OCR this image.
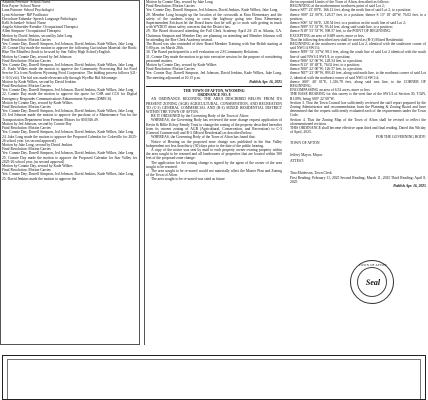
Amanda Peterson- School Nurse

Erin Payne- School Nurse

Lana Putnam- School Psychologist

Lynn Schreiner- RtP Facilitator

Dorochare Eubanks- Speech Language Pathologist

Kelli Schenkel- School Nurse

Angela Schneider-Erendin- Occupational Therapist

Allen Simpson- Occupational Therapist

Motion by David Jenkins, second by Jake Long

Final Resolution: Motion Carries

Yes: Connie Day, Darrell Simpson, Jed Johnson, David Jenkins, Kade Wilkes, Jake Long

20. Connie Day made the motion to approve the following Curriculum Material: the Book: Blue The Mindfest (book to be used by Star Valley High School) English.

Motion by Connie Day, second by Jed Johnson

Final Resolution: Motion Carries

Yes: Connie Day, Darrell Simpson, Jed Johnson, David Jenkins, Kade Wilkes, Jake Long

21. Kade Wilkes made the motion to approve the Community Processing Bid for Food Service ICs from Northern Wyoming Food Cooperative. The bidding process follows §21-3-110 (viii). The bid was made electronically through WyoBiz Bid Advantage.

Motion by Kade Wilkes, second by David Jenkins

Final Resolution: Motion Carries

Yes: Connie Day, Darrell Simpson, Jed Johnson, David Jenkins, Kade Wilkes, Jake Long

22. Connie Day made the motion to approve the quote for CSB and CCS for Digital Emergency Responder Communications Enhancement Systems (DRECS).

Motion by Connie Day, second by Kade Wilkes

Final Resolution: Motion Carries

Yes: Connie Day, Darrell Simpson, Jed Johnson, David Jenkins, Kade Wilkes, Jake Long

23. Jed Johnson made the motion to approve the purchase of a Maintenance Van for the Transportation Department from Fremont Motors for $50,926.49.

Motion by Jed Johnson, second by Connie Day

Final Resolution: Motion Carries

Yes: Connie Day, Darrell Simpson, Jed Johnson, David Jenkins, Kade Wilkes, Jake Long

24. Jake Long made the motion to approve the Proposed Calendar for Cokeville for 2025-26 school year. (as second approval)

Motion by Jake Long, second by David Jenkins

Final Resolution: Motion Carries

Yes: Connie Day, Darrell Simpson, Jed Johnson, David Jenkins, Kade Wilkes, Jake Long

25. Connie Day made the motion to approve the Proposed Calendar for Star Valley for 2025-26 school year. (as second approval)

Motion by Connie Day, second by Kade Wilkes

Final Resolution: Motion Carries

Yes: Connie Day, Darrell Simpson, Jed Johnson, David Jenkins, Kade Wilkes, Jake Long

25. David Jenkins made the motion to approve the

Motion by Connie Day, second by Jake Long

Final Resolution: Motion Carries

Yes: Connie Day, Darrell Simpson, Jed Johnson, David Jenkins, Kade Wilkes, Jake Long

28. Member Long brought up the location of the crosswalk at Etna Elementary and the safety of the students trying to cross the highway going into Etna Elementary. Superintendent Erickson let the Board know that he will go to work with getting in touch with WYDOT about safety concerns that the District has.

29. The Board discussed attending the Fall Clerk Academy April 24- 25 in Atlanta, GA. Chairman Simpson and Member Day are planning on attending and Member Johnson will be attending the Boe Clerk Academy instead.

The Board was also reminded of their Board Member Training with Sue Belish starting at 5:00 p.m. on March 28th.

30. The Board participated in a self evaluation on 2.8 Community Relations.

31. Connie Day made the motion to go into executive session for the purpose of considering personnel matters.

Motion by Connie Day, second by Kade Wilkes

Final Resolution: Motion Carries

Yes: Connie Day, Darrell Simpson, Jed Johnson, David Jenkins, Kade Wilkes, Jake Long. The meeting adjourned at 10:15 p.m.

Publish Apr. 16, 2025

THE TOWN OF AFTON, WYOMING

ORDINANCE NO. 8

AN ORDINANCE REZONING THE AREA DESCRIBED BELOW FROM ITS PRESENT ZONING (AGR) AGRICULTURAL, CONSERVATION, AND RECREATION TO (C-3) GENERAL COMMERCIAL AND (R-3) MIXED RESIDENTIAL DISTRICT WITHIN THE TOWN OF AFTON.

BE IT ORDAINED by the Governing Body of the Town of Afton:

WHEREAS, the Governing Body has reviewed the zone change request application of Kevin & Billie Kilroy Family Trust to change the zoning of the property described hereafter from its current zoning of AGR (Agricultural, Conservation, and Recreation) to C-3 (General Commercial) and R-3 (Mixed Residential) as described below:

WHEREAS, the Governing Body of the Town of Afton has found that:

Notice of Hearing on the proposed zone change was published in the Star Valley Independent not less than thirty (30) days prior to the date of the public hearing.

A copy of the notice was sent by mail to each property owner owning property within the area sought to be rezoned and all landowners of properties that are located within 500 feet of the proposed zone change.

The application for the zoning change is signed by the agent of the owner of the area sought to be rezoned.

The area sought to be re-zoned would not materially affect the Master Plan and Zoning of the Town of Afton.

The area sought to be re-zoned was sited as future

the incorporated Limits of the Town of Afton, described as follows:

BEGINNING at the northernmost northwest point of said Lot 2;

thence S87° 23' 09"E, 166.12 feet, along the north line of said Lot 2, to a position;

thence S00° 22' 00"E, 126.57 feet, to a position; thence S 13° 18' 48"W, 76.02 feet, to a position;

thence S06° 32' 06"E, 128.54 feet, to a position on the south line of said Lot 2;

thence N89° 53' 33"W, 93.44 feet, along said south line, to a position;

thence N18° 53' 53"W, 598.57 feet, to the POINT OF BEGINNING.

EXCEPTING an area of 0.689 acres, more or less.

That the following described area shall be zoned as (R-3) Mixed Residential:

BEGINNING at the northwest corner of said Lot 2, identical with the southwest corner of said NW1/4 SW1/4;

thence N89° 53' 33"W, 98.3 feet, along the south line of said Lot 2 identical with the south line of said NW1/4 SW1/4, to a position;

thence N06° 32' 06"W, 128.54 feet, to a position;

thence N13° 18' 48"E, 76.02 feet, to a position;

thence N00° 22' 00"W, 126.57 feet, to a position;

thence N87° 23' 09"W, 893.45 feet, along said north line, to the northeast corner of said Lot 2, identical with the northeast corner of said NW1/4 SW1/4;

thence S00° 40' 01"E, 1,316.78 feet, along said east line, to the CORNER OF BEGINNING;

ENCOMPASSING an area of 6.52 acres, more or less.

THE BASE BEARING for this survey is the west line of the SW1/4 of Section 30, T32N, R118W, being S00° 22' 00"W.

Section 3. That the Town Council has sufficiently reviewed the staff report prepared by the Zoning Administrator and recommendation from the Planning & Zoning Board and have determined that the request sufficiently evaluated each of the requirements under the Town Code.

Section 4. That the Zoning Map of the Town of Afton shall be revised to reflect the aforementioned revision.

THIS ORDINANCE shall become effective upon third and final reading. Dated this 9th day of April, 2025.

FOR THE GOVERNING BODY:

TOWN OF AFTON

Jeffery Mayor, Mayor

ATTEST:

Tina Moderson, Town Clerk

First Reading: February 11, 2025 Second Reading: March 11, 2025 Third Reading: April 8, 2025

Publish Apr. 16, 2025

TOWN OF AFTON
Seal
